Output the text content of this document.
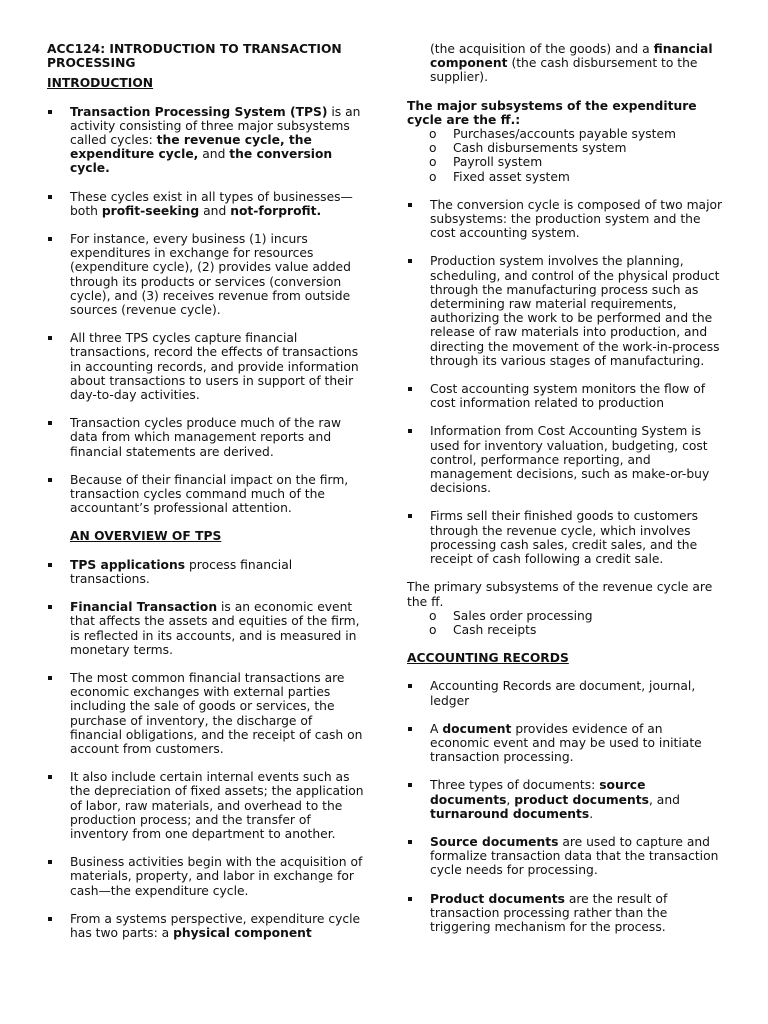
ACC124: INTRODUCTION TO TRANSACTION PROCESSING

INTRODUCTION

Transaction Processing System (TPS) is an activity consisting of three major subsystems called cycles: the revenue cycle, the expenditure cycle, and the conversion cycle.
These cycles exist in all types of businesses—both profit-seeking and not-forprofit.
For instance, every business (1) incurs expenditures in exchange for resources (expenditure cycle), (2) provides value added through its products or services (conversion cycle), and (3) receives revenue from outside sources (revenue cycle).
All three TPS cycles capture financial transactions, record the effects of transactions in accounting records, and provide information about transactions to users in support of their day-to-day activities.
Transaction cycles produce much of the raw data from which management reports and financial statements are derived.
Because of their financial impact on the firm, transaction cycles command much of the accountant’s professional attention.

AN OVERVIEW OF TPS

TPS applications process financial transactions.
Financial Transaction is an economic event that affects the assets and equities of the firm, is reflected in its accounts, and is measured in monetary terms.
The most common financial transactions are economic exchanges with external parties including the sale of goods or services, the purchase of inventory, the discharge of financial obligations, and the receipt of cash on account from customers.
It also include certain internal events such as the depreciation of fixed assets; the application of labor, raw materials, and overhead to the production process; and the transfer of inventory from one department to another.
Business activities begin with the acquisition of materials, property, and labor in exchange for cash—the expenditure cycle.
From a systems perspective, expenditure cycle has two parts: a physical component

(the acquisition of the goods) and a financial component (the cash disbursement to the supplier).

The major subsystems of the expenditure cycle are the ff.:

o Purchases/accounts payable system
o Cash disbursements system
o Payroll system
o Fixed asset system
The conversion cycle is composed of two major subsystems: the production system and the cost accounting system.
Production system involves the planning, scheduling, and control of the physical product through the manufacturing process such as determining raw material requirements, authorizing the work to be performed and the release of raw materials into production, and directing the movement of the work-in-process through its various stages of manufacturing.
Cost accounting system monitors the flow of cost information related to production
Information from Cost Accounting System is used for inventory valuation, budgeting, cost control, performance reporting, and management decisions, such as make-or-buy decisions.
Firms sell their finished goods to customers through the revenue cycle, which involves processing cash sales, credit sales, and the receipt of cash following a credit sale.

The primary subsystems of the revenue cycle are the ff.

o Sales order processing
o Cash receipts

ACCOUNTING RECORDS

Accounting Records are document, journal, ledger
A document provides evidence of an economic event and may be used to initiate transaction processing.
Three types of documents: source documents, product documents, and turnaround documents.
Source documents are used to capture and formalize transaction data that the transaction cycle needs for processing.
Product documents are the result of transaction processing rather than the triggering mechanism for the process.
